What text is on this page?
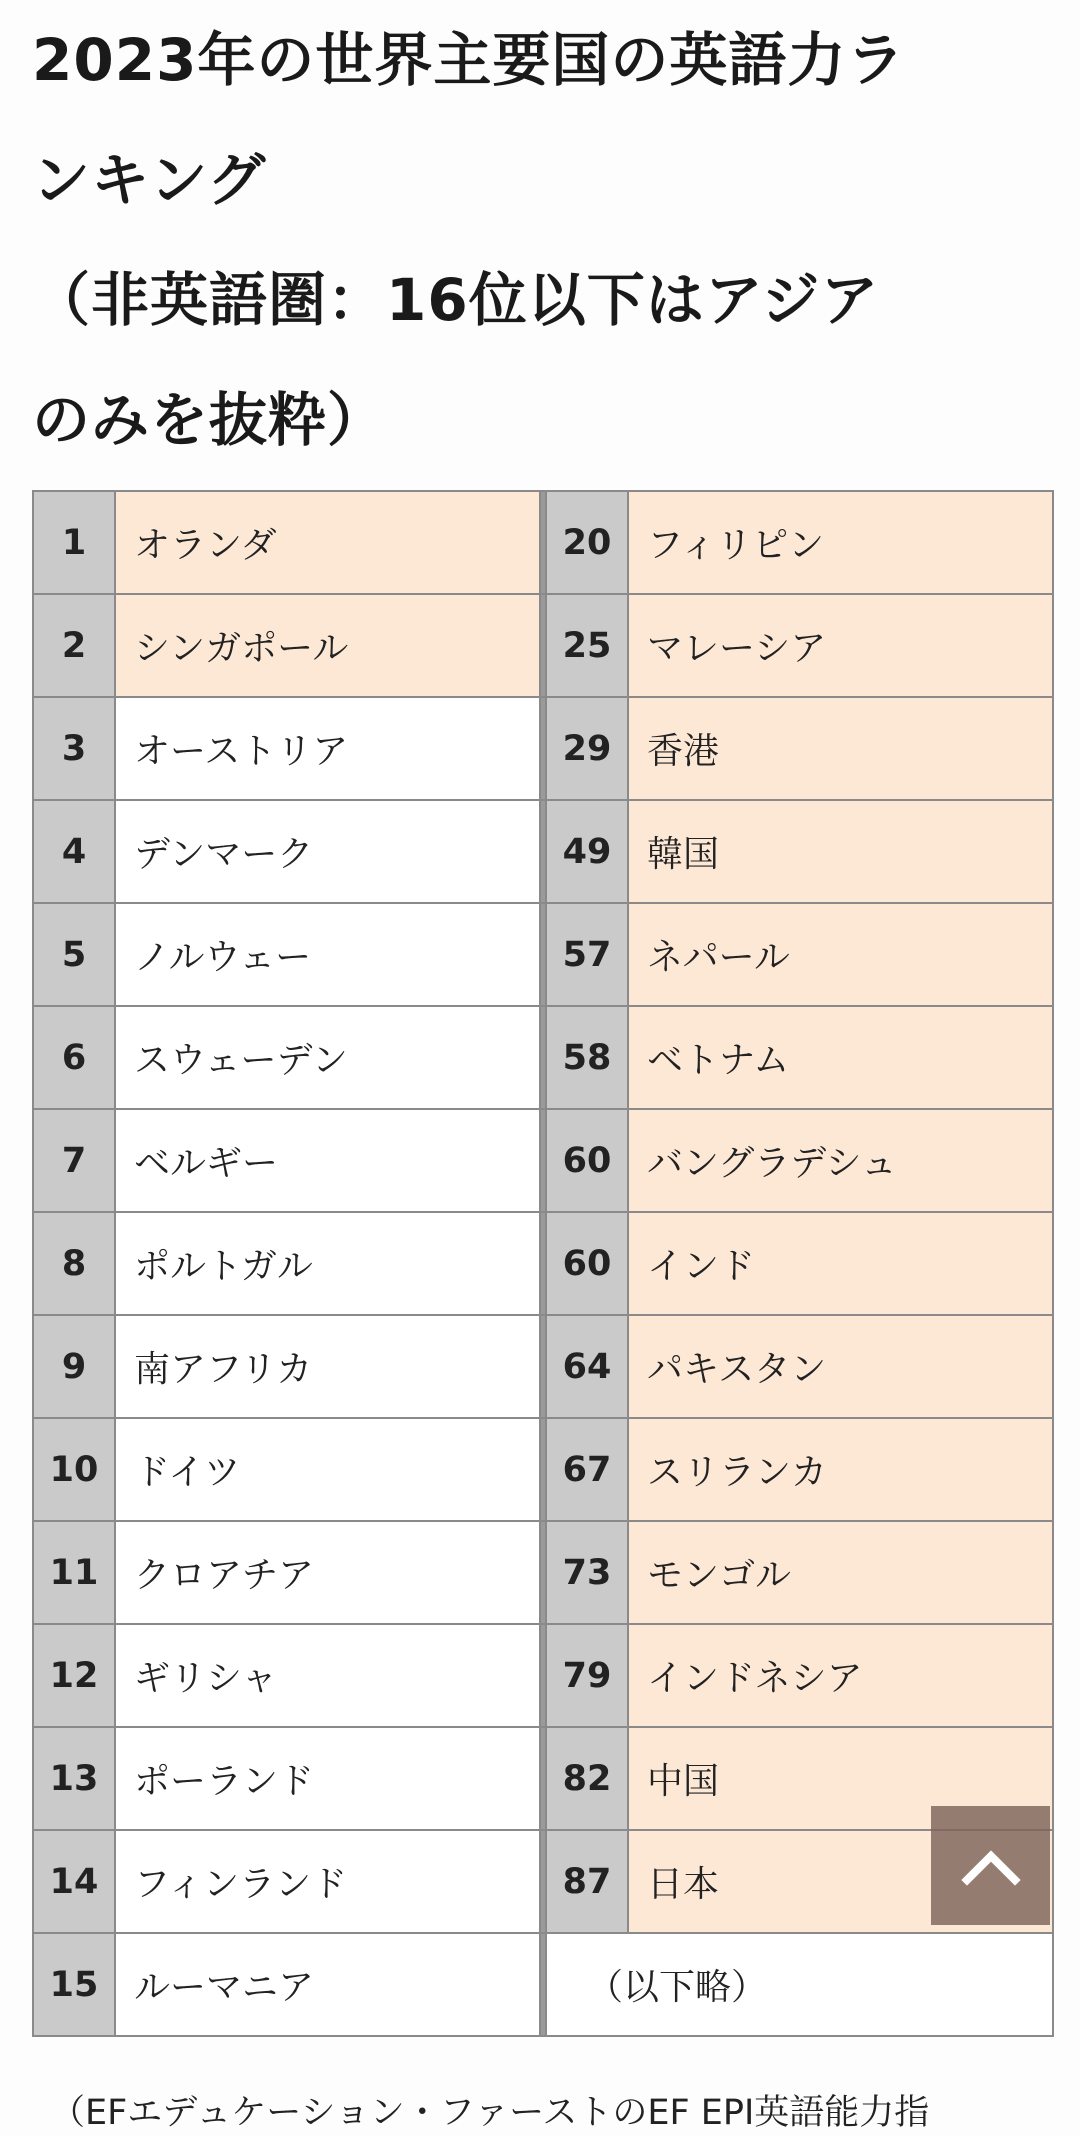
2023年の世界主要国の英語力ラ
ンキング
（非英語圏：16位以下はアジア
のみを抜粋）
1	オランダ		20	フィリピン
2	シンガポール		25	マレーシア
3	オーストリア		29	香港
4	デンマーク		49	韓国
5	ノルウェー		57	ネパール
6	スウェーデン		58	ベトナム
7	ベルギー		60	バングラデシュ
8	ポルトガル		60	インド
9	南アフリカ		64	パキスタン
10	ドイツ		67	スリランカ
11	クロアチア		73	モンゴル
12	ギリシャ		79	インドネシア
13	ポーランド		82	中国
14	フィンランド		87	日本
15	ルーマニア		（以下略）	
（EFエデュケーション・ファーストのEF EPI英語能力指
